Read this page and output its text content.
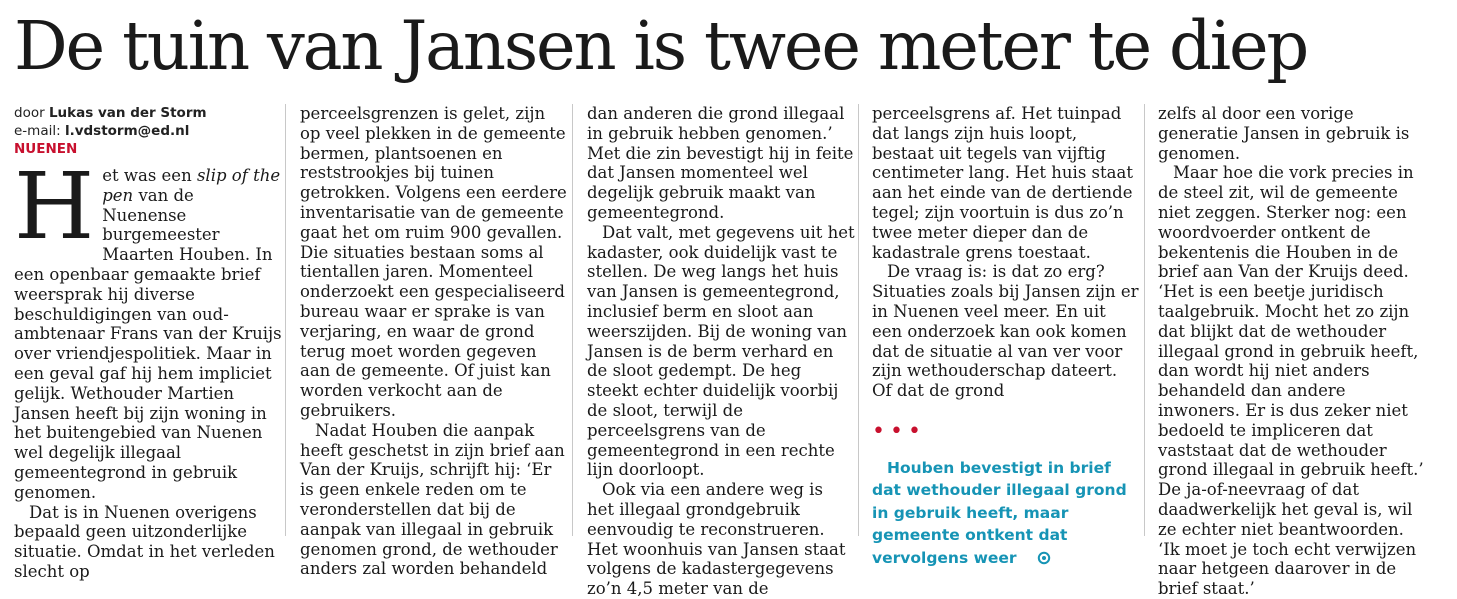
De tuin van Jansen is twee meter te diep
door Lukas van der Storm
e-mail: l.vdstorm@ed.nl
NUENEN

Het was een slip of the pen van de Nuenense burgemeester Maarten Houben. In een openbaar gemaakte brief weersprak hij diverse beschuldigingen van oud-ambtenaar Frans van der Kruijs over vriendjespolitiek. Maar in een geval gaf hij hem impliciet gelijk. Wethouder Martien Jansen heeft bij zijn woning in het buitengebied van Nuenen wel degelijk illegaal gemeentegrond in gebruik genomen.

Dat is in Nuenen overigens bepaald geen uitzonderlijke situatie. Omdat in het verleden slecht op

perceelsgrenzen is gelet, zijn op veel plekken in de gemeente bermen, plantsoenen en reststrookjes bij tuinen getrokken. Volgens een eerdere inventarisatie van de gemeente gaat het om ruim 900 gevallen. Die situaties bestaan soms al tientallen jaren. Momenteel onderzoekt een gespecialiseerd bureau waar er sprake is van verjaring, en waar de grond terug moet worden gegeven aan de gemeente. Of juist kan worden verkocht aan de gebruikers.

Nadat Houben die aanpak heeft geschetst in zijn brief aan Van der Kruijs, schrijft hij: ‘Er is geen enkele reden om te veronderstellen dat bij de aanpak van illegaal in gebruik genomen grond, de wethouder anders zal worden behandeld

dan anderen die grond illegaal in gebruik hebben genomen.’ Met die zin bevestigt hij in feite dat Jansen momenteel wel degelijk gebruik maakt van gemeentegrond.

Dat valt, met gegevens uit het kadaster, ook duidelijk vast te stellen. De weg langs het huis van Jansen is gemeentegrond, inclusief berm en sloot aan weerszijden. Bij de woning van Jansen is de berm verhard en de sloot gedempt. De heg steekt echter duidelijk voorbij de sloot, terwijl de perceelsgrens van de gemeentegrond in een rechte lijn doorloopt.

Ook via een andere weg is het illegaal grondgebruik eenvoudig te reconstrueren. Het woonhuis van Jansen staat volgens de kadastergegevens zo’n 4,5 meter van de

perceelsgrens af. Het tuinpad dat langs zijn huis loopt, bestaat uit tegels van vijftig centimeter lang. Het huis staat aan het einde van de dertiende tegel; zijn voortuin is dus zo’n twee meter dieper dan de kadastrale grens toestaat.

De vraag is: is dat zo erg? Situaties zoals bij Jansen zijn er in Nuenen veel meer. En uit een onderzoek kan ook komen dat de situatie al van ver voor zijn wethouderschap dateert. Of dat de grond

•••

Houben bevestigt in brief dat wethouder illegaal grond in gebruik heeft, maar gemeente ontkent dat vervolgens weer

zelfs al door een vorige generatie Jansen in gebruik is genomen.

Maar hoe die vork precies in de steel zit, wil de gemeente niet zeggen. Sterker nog: een woordvoerder ontkent de bekentenis die Houben in de brief aan Van der Kruijs deed. ‘Het is een beetje juridisch taalgebruik. Mocht het zo zijn dat blijkt dat de wethouder illegaal grond in gebruik heeft, dan wordt hij niet anders behandeld dan andere inwoners. Er is dus zeker niet bedoeld te impliceren dat vaststaat dat de wethouder grond illegaal in gebruik heeft.’ De ja-of-neevraag of dat daadwerkelijk het geval is, wil ze echter niet beantwoorden. ‘Ik moet je toch echt verwijzen naar hetgeen daarover in de brief staat.’
